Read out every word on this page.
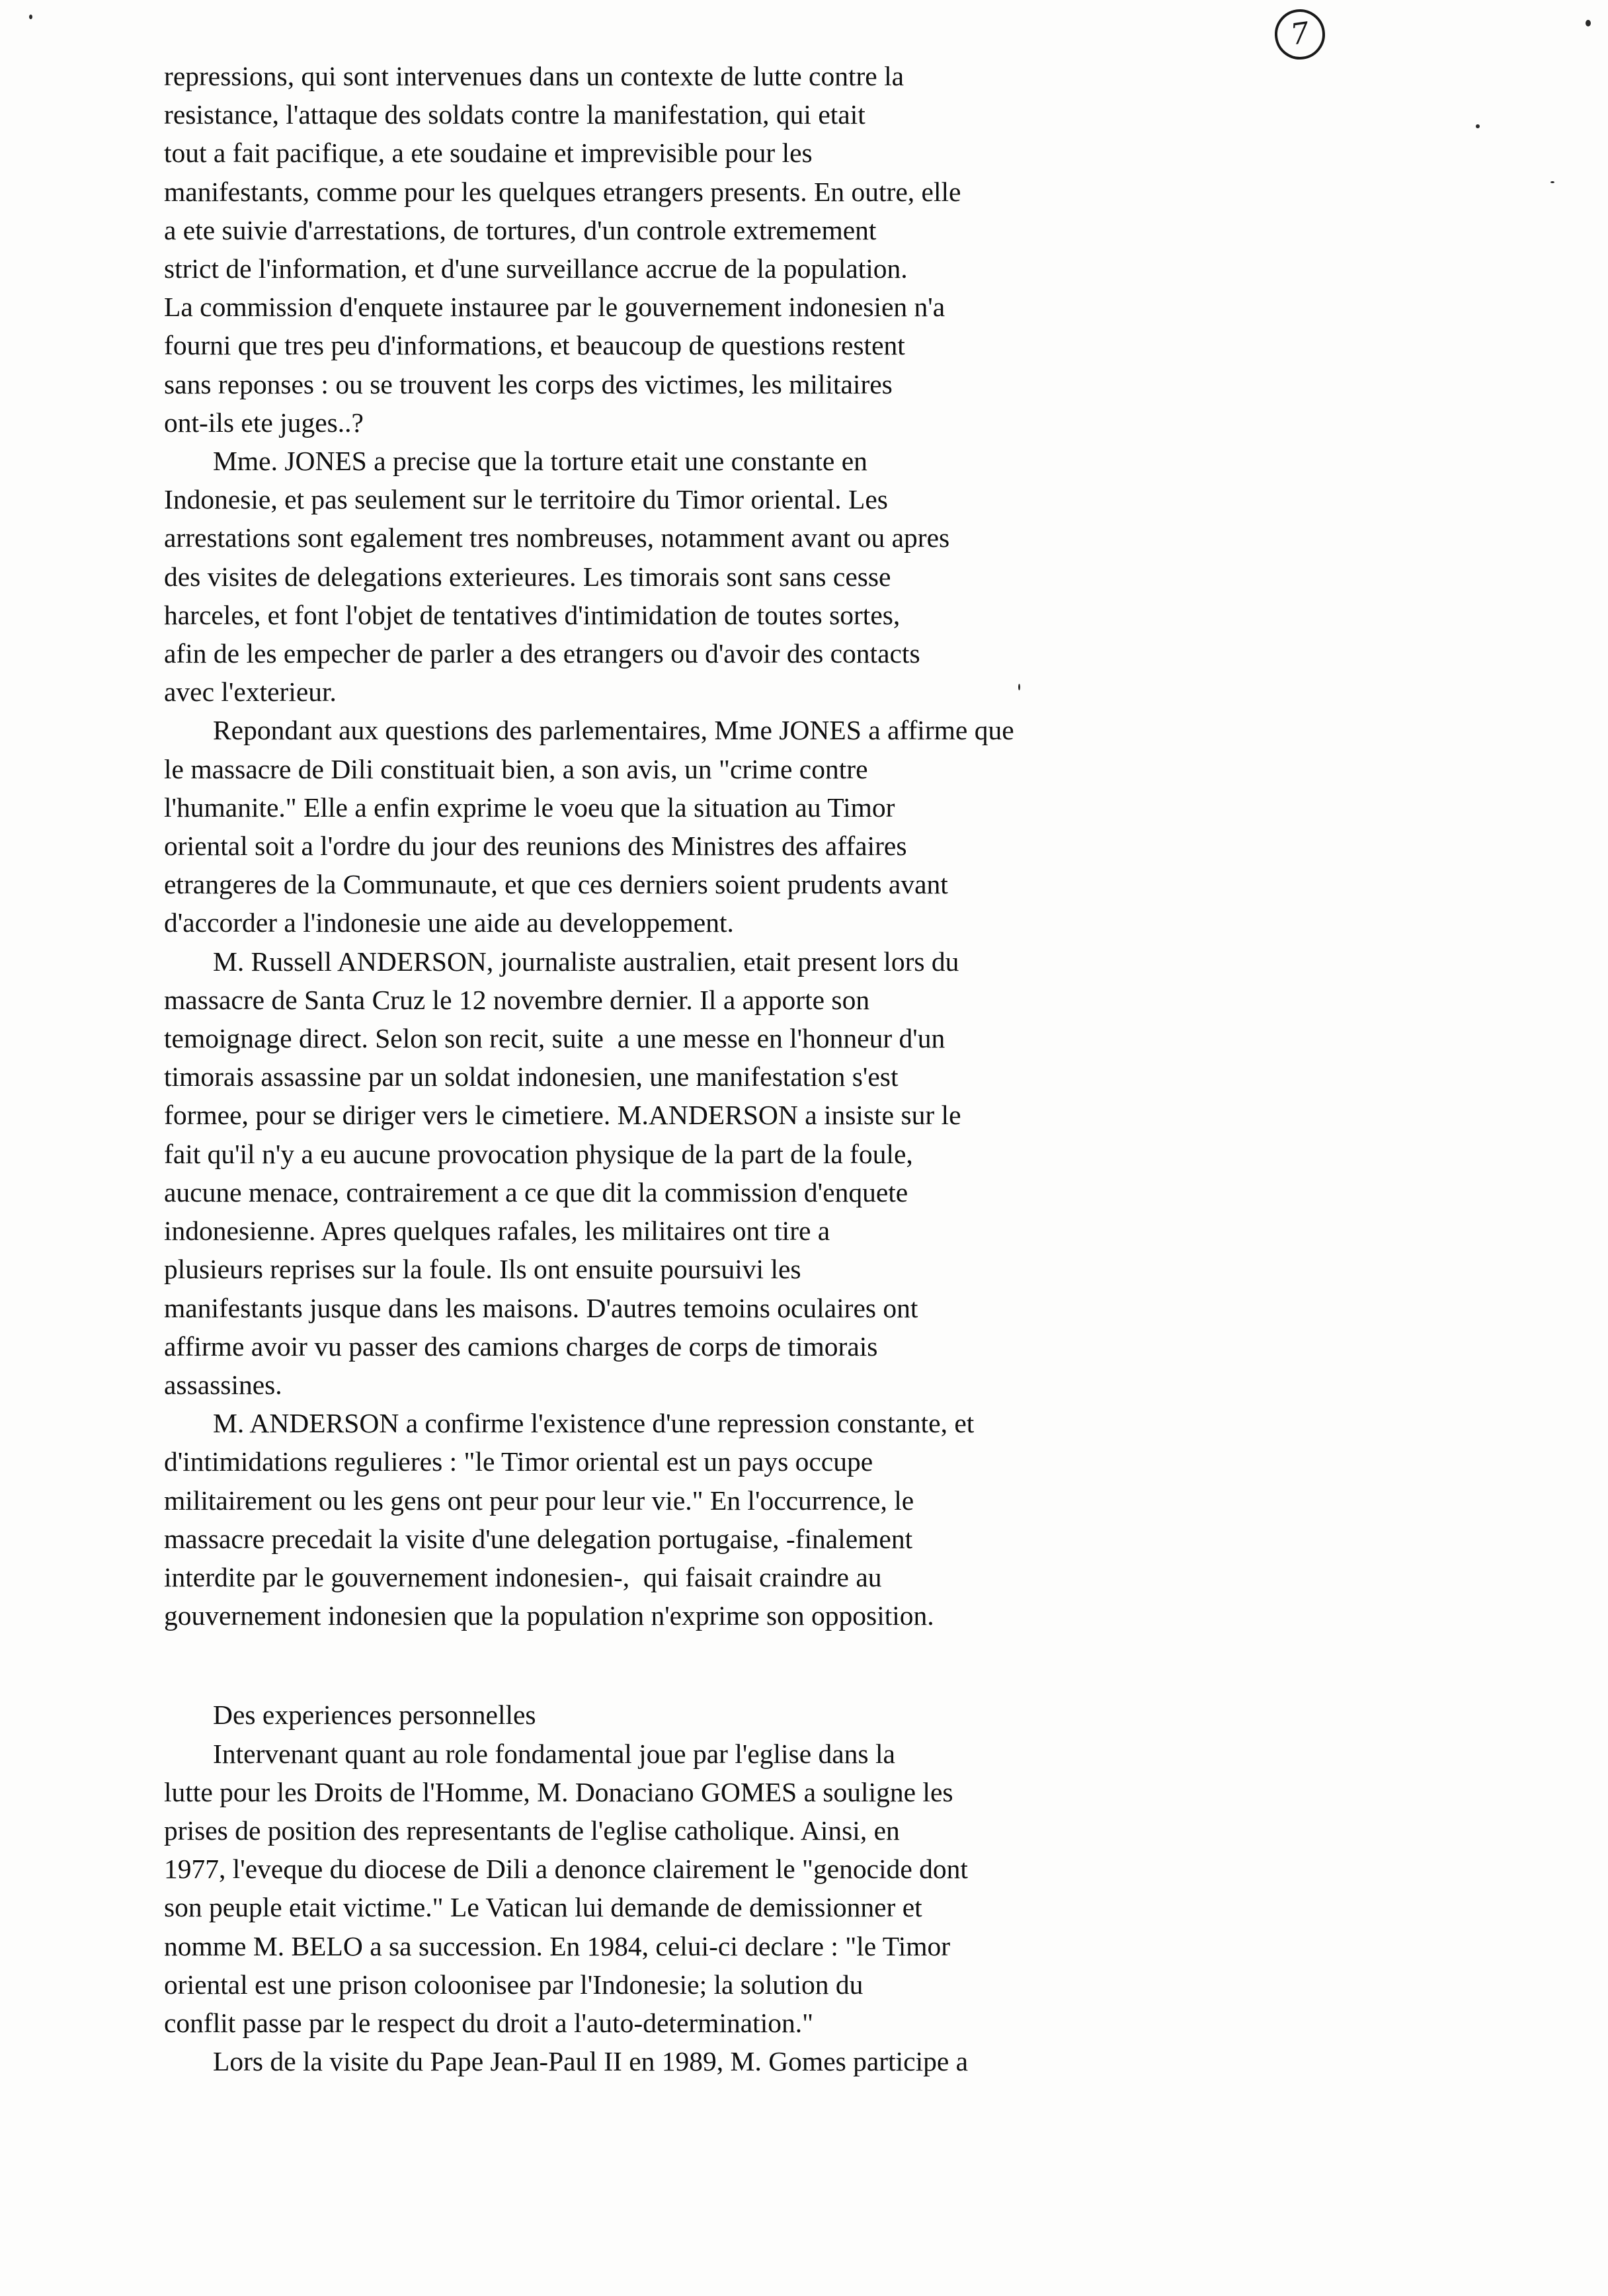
7
repressions, qui sont intervenues dans un contexte de lutte contre la
resistance, l'attaque des soldats contre la manifestation, qui etait
tout a fait pacifique, a ete soudaine et imprevisible pour les
manifestants, comme pour les quelques etrangers presents. En outre, elle
a ete suivie d'arrestations, de tortures, d'un controle extremement
strict de l'information, et d'une surveillance accrue de la population.
La commission d'enquete instauree par le gouvernement indonesien n'a
fourni que tres peu d'informations, et beaucoup de questions restent
sans reponses : ou se trouvent les corps des victimes, les militaires
ont-ils ete juges..?
Mme. JONES a precise que la torture etait une constante en
Indonesie, et pas seulement sur le territoire du Timor oriental. Les
arrestations sont egalement tres nombreuses, notamment avant ou apres
des visites de delegations exterieures. Les timorais sont sans cesse
harceles, et font l'objet de tentatives d'intimidation de toutes sortes,
afin de les empecher de parler a des etrangers ou d'avoir des contacts
avec l'exterieur.
Repondant aux questions des parlementaires, Mme JONES a affirme que
le massacre de Dili constituait bien, a son avis, un "crime contre
l'humanite." Elle a enfin exprime le voeu que la situation au Timor
oriental soit a l'ordre du jour des reunions des Ministres des affaires
etrangeres de la Communaute, et que ces derniers soient prudents avant
d'accorder a l'indonesie une aide au developpement.
M. Russell ANDERSON, journaliste australien, etait present lors du
massacre de Santa Cruz le 12 novembre dernier. Il a apporte son
temoignage direct. Selon son recit, suite  a une messe en l'honneur d'un
timorais assassine par un soldat indonesien, une manifestation s'est
formee, pour se diriger vers le cimetiere. M.ANDERSON a insiste sur le
fait qu'il n'y a eu aucune provocation physique de la part de la foule,
aucune menace, contrairement a ce que dit la commission d'enquete
indonesienne. Apres quelques rafales, les militaires ont tire a
plusieurs reprises sur la foule. Ils ont ensuite poursuivi les
manifestants jusque dans les maisons. D'autres temoins oculaires ont
affirme avoir vu passer des camions charges de corps de timorais
assassines.
M. ANDERSON a confirme l'existence d'une repression constante, et
d'intimidations regulieres : "le Timor oriental est un pays occupe
militairement ou les gens ont peur pour leur vie." En l'occurrence, le
massacre precedait la visite d'une delegation portugaise, -finalement
interdite par le gouvernement indonesien-,  qui faisait craindre au
gouvernement indonesien que la population n'exprime son opposition.
Des experiences personnelles
Intervenant quant au role fondamental joue par l'eglise dans la
lutte pour les Droits de l'Homme, M. Donaciano GOMES a souligne les
prises de position des representants de l'eglise catholique. Ainsi, en
1977, l'eveque du diocese de Dili a denonce clairement le "genocide dont
son peuple etait victime." Le Vatican lui demande de demissionner et
nomme M. BELO a sa succession. En 1984, celui-ci declare : "le Timor
oriental est une prison coloonisee par l'Indonesie; la solution du
conflit passe par le respect du droit a l'auto-determination."
Lors de la visite du Pape Jean-Paul II en 1989, M. Gomes participe a
